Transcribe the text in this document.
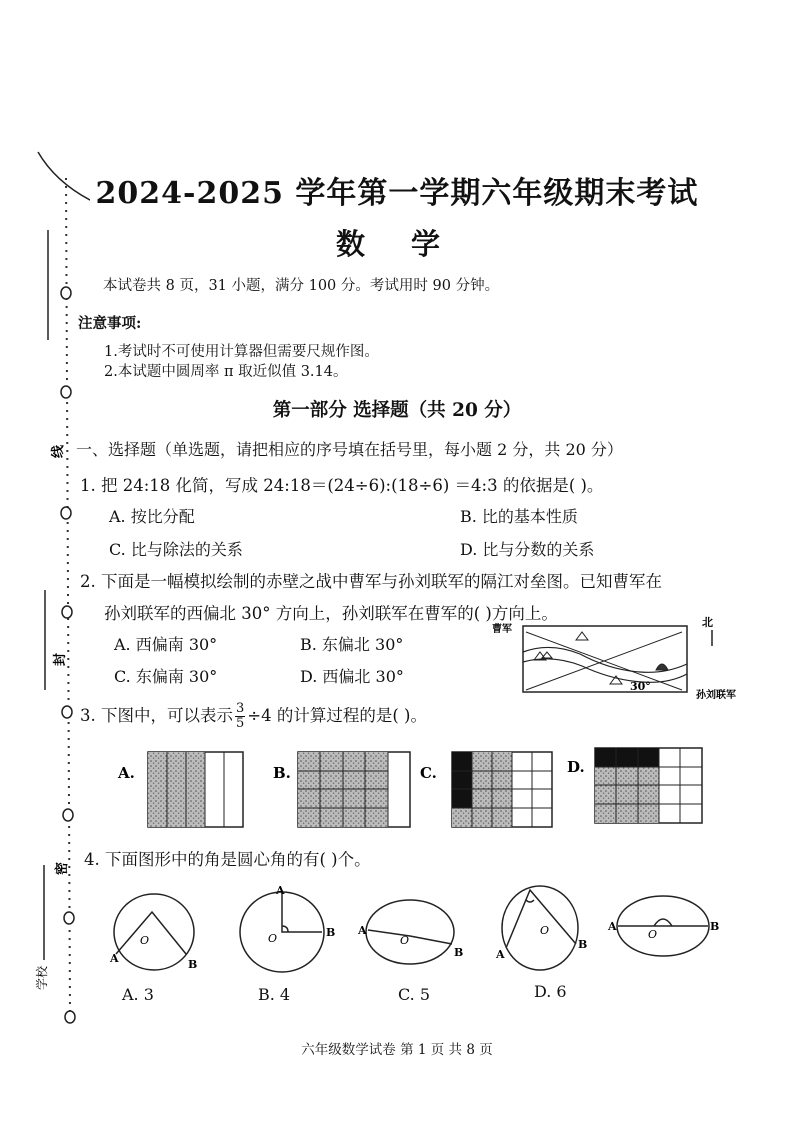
线
封
密
学校
2024-2025 学年第一学期六年级期末考试
数 学
本试卷共 8 页，31 小题，满分 100 分。考试用时 90 分钟。
注意事项:
1.考试时不可使用计算器但需要尺规作图。
2.本试题中圆周率 π 取近似值 3.14。
第一部分 选择题（共 20 分）
一、选择题（单选题，请把相应的序号填在括号里，每小题 2 分，共 20 分）
1. 把 24:18 化简，写成 24:18＝(24÷6):(18÷6) ＝4:3 的依据是( )。
A. 按比分配	B. 比的基本性质
C. 比与除法的关系	D. 比与分数的关系
2. 下面是一幅模拟绘制的赤壁之战中曹军与孙刘联军的隔江对垒图。已知曹军在
孙刘联军的西偏北 30° 方向上，孙刘联军在曹军的( )方向上。
A. 西偏南 30°	B. 东偏北 30°
C. 东偏南 30°	D. 西偏北 30°
曹军
北
30°
孙刘联军
3. 下图中，可以表示 $\frac{3}{5} \div 4$ 的计算过程的是( )。
A.	B.	C.	D.
4. 下面图形中的角是圆心角的有( )个。
O
A	B
A
O	B A
O
B
O
A
B
A
O
B
A. 3	B. 4	C. 5	D. 6
六年级数学试卷 第 1 页 共 8 页
